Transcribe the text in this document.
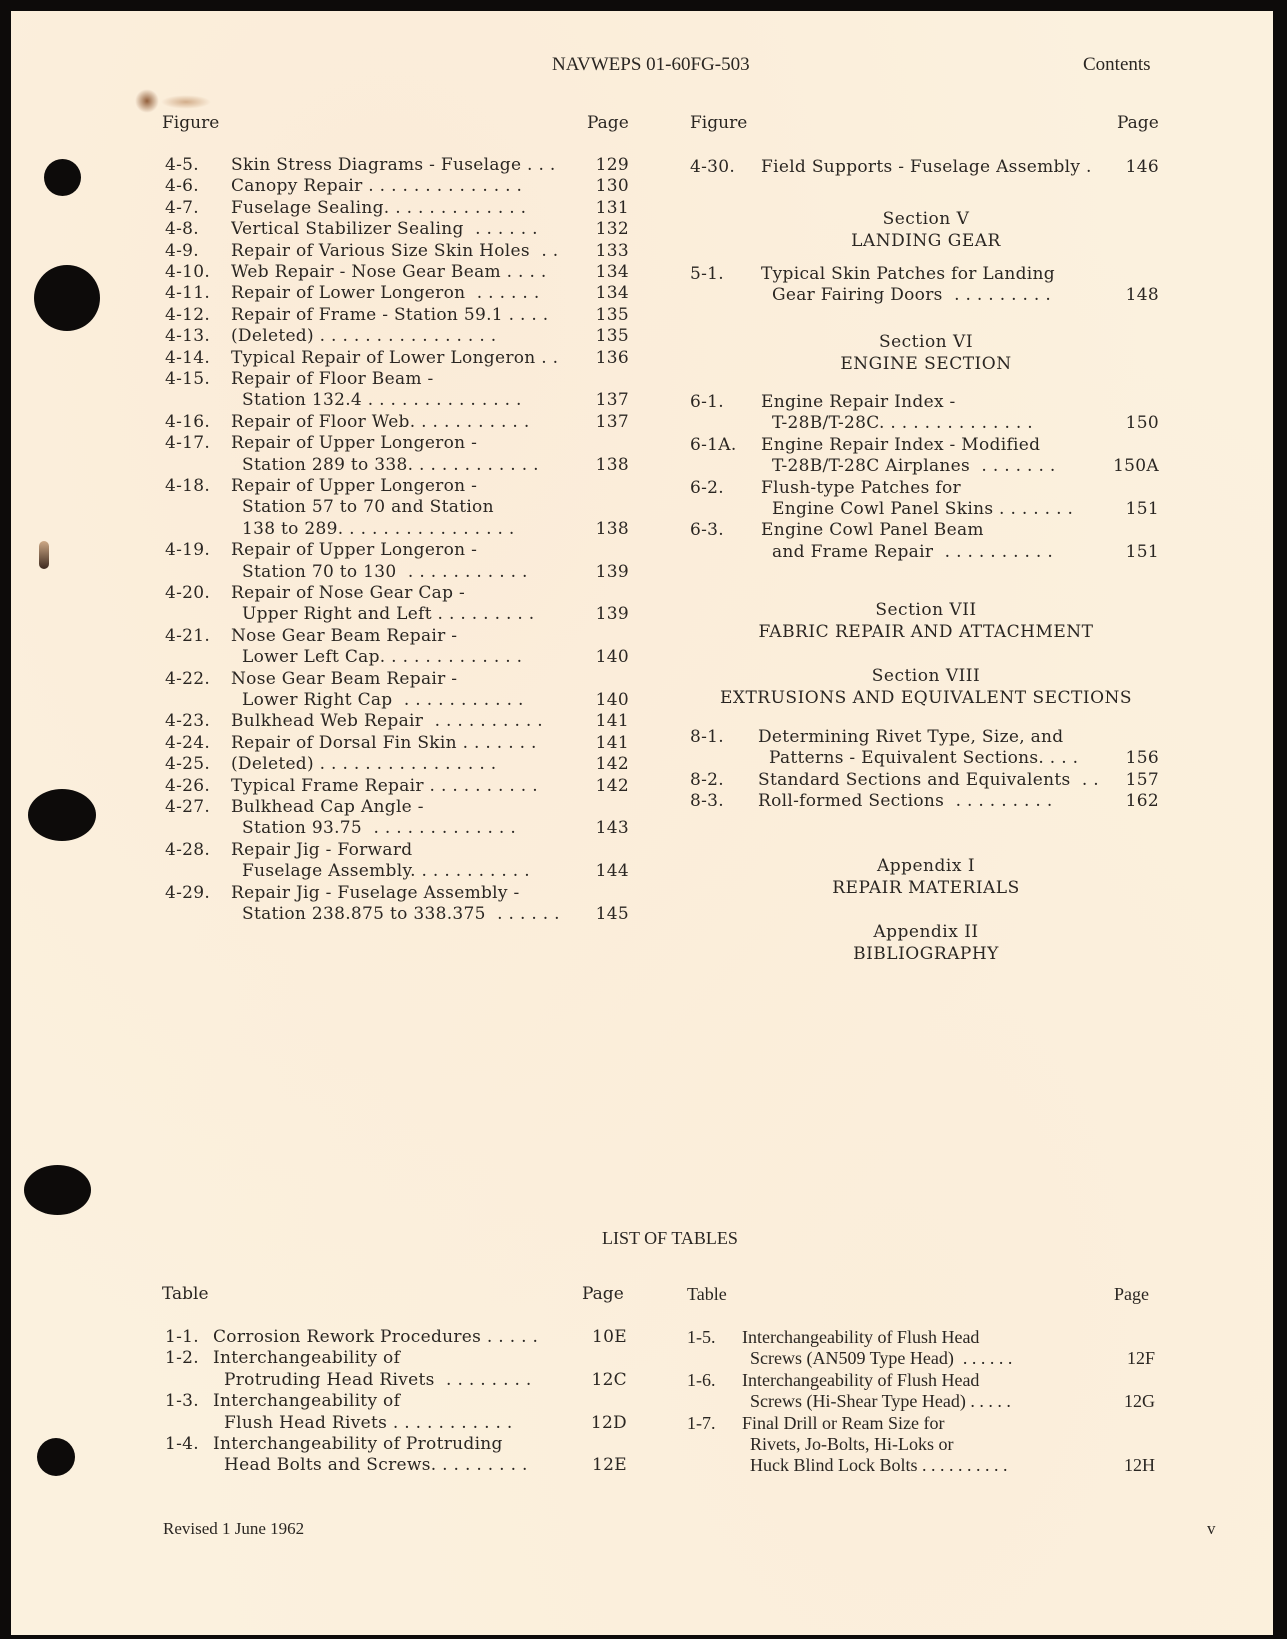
NAVWEPS 01-60FG-503	Contents
Figure	Page
4-5. Skin Stress Diagrams - Fuselage . . .	129
4-6. Canopy Repair . . . . . . . . . . . . . .	130
4-7. Fuselage Sealing. . . . . . . . . . . . .	131
4-8. Vertical Stabilizer Sealing  . . . . . .	132
4-9. Repair of Various Size Skin Holes  . .	133
4-10. Web Repair - Nose Gear Beam . . . .	134
4-11. Repair of Lower Longeron  . . . . . .	134
4-12. Repair of Frame - Station 59.1 . . . .	135
4-13. (Deleted) . . . . . . . . . . . . . . . .	135
4-14. Typical Repair of Lower Longeron . .	136
4-15. Repair of Floor Beam -
Station 132.4 . . . . . . . . . . . . . .	137
4-16. Repair of Floor Web. . . . . . . . . . .	137
4-17. Repair of Upper Longeron -
Station 289 to 338. . . . . . . . . . . .	138
4-18. Repair of Upper Longeron -
Station 57 to 70 and Station
138 to 289. . . . . . . . . . . . . . . .	138
4-19. Repair of Upper Longeron -
Station 70 to 130  . . . . . . . . . . .	139
4-20. Repair of Nose Gear Cap -
Upper Right and Left . . . . . . . . .	139
4-21. Nose Gear Beam Repair -
Lower Left Cap. . . . . . . . . . . . .	140
4-22. Nose Gear Beam Repair -
Lower Right Cap  . . . . . . . . . . .	140
4-23. Bulkhead Web Repair  . . . . . . . . . .	141
4-24. Repair of Dorsal Fin Skin . . . . . . .	141
4-25. (Deleted) . . . . . . . . . . . . . . . .	142
4-26. Typical Frame Repair . . . . . . . . . .	142
4-27. Bulkhead Cap Angle -
Station 93.75  . . . . . . . . . . . . .	143
4-28. Repair Jig - Forward
Fuselage Assembly. . . . . . . . . . .	144
4-29. Repair Jig - Fuselage Assembly -
Station 238.875 to 338.375  . . . . . .	145
Figure	Page
4-30. Field Supports - Fuselage Assembly .	146
5-1. Typical Skin Patches for Landing
Gear Fairing Doors  . . . . . . . . .	148
6-1. Engine Repair Index -
T-28B/T-28C. . . . . . . . . . . . . .	150
6-1A. Engine Repair Index - Modified
T-28B/T-28C Airplanes  . . . . . . .	150A
6-2. Flush-type Patches for
Engine Cowl Panel Skins . . . . . . .	151
6-3. Engine Cowl Panel Beam
and Frame Repair  . . . . . . . . . .	151
8-1. Determining Rivet Type, Size, and
Patterns - Equivalent Sections. . . .	156
8-2. Standard Sections and Equivalents  . .	157
8-3. Roll-formed Sections  . . . . . . . . .	162
Section V
LANDING GEAR
Section VI
ENGINE SECTION
Section VII
FABRIC REPAIR AND ATTACHMENT
Section VIII
EXTRUSIONS AND EQUIVALENT SECTIONS
Appendix I
REPAIR MATERIALS
Appendix II
BIBLIOGRAPHY
LIST OF TABLES
Table	Page	Table	Page
1-1. Corrosion Rework Procedures . . . . .	10E
1-2. Interchangeability of
Protruding Head Rivets  . . . . . . . .	12C
1-3. Interchangeability of
Flush Head Rivets . . . . . . . . . . .	12D
1-4. Interchangeability of Protruding
Head Bolts and Screws. . . . . . . . .	12E
1-5. Interchangeability of Flush Head
Screws (AN509 Type Head)  . . . . . .	12F
1-6. Interchangeability of Flush Head
Screws (Hi-Shear Type Head) . . . . .	12G
1-7. Final Drill or Ream Size for
Rivets, Jo-Bolts, Hi-Loks or
Huck Blind Lock Bolts . . . . . . . . . .	12H
Revised 1 June 1962	v
